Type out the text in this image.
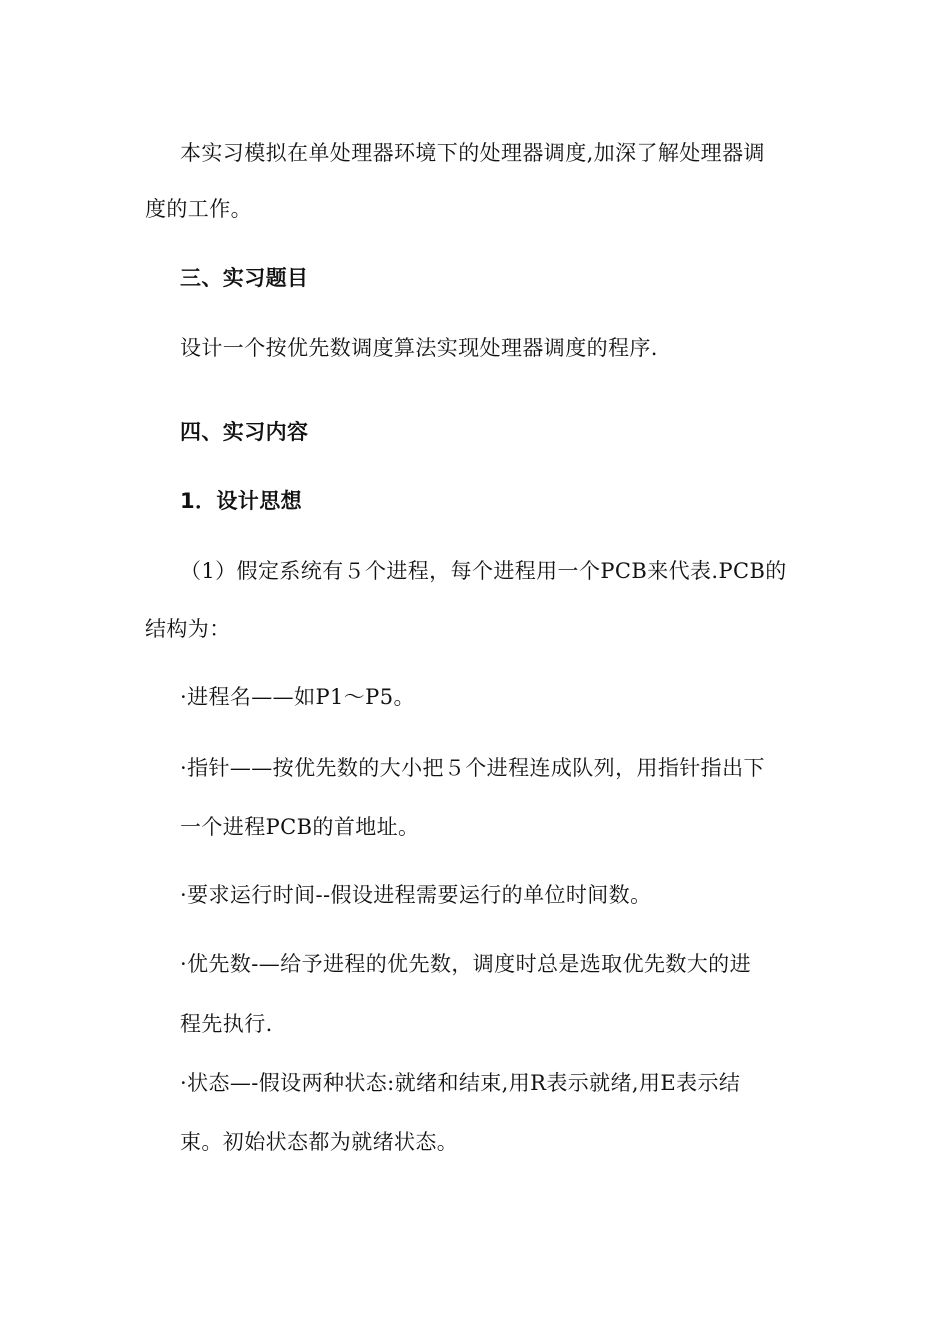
本实习模拟在单处理器环境下的处理器调度,加深了解处理器调
度的工作。
三、实习题目
设计一个按优先数调度算法实现处理器调度的程序.
四、实习内容
1．设计思想
（1）假定系统有５个进程，每个进程用一个PCB来代表.PCB的
结构为：
·进程名——如P1～P5。
·指针——按优先数的大小把５个进程连成队列，用指针指出下
一个进程PCB的首地址。
·要求运行时间--假设进程需要运行的单位时间数。
·优先数-—给予进程的优先数，调度时总是选取优先数大的进
程先执行.
·状态—-假设两种状态:就绪和结束,用R表示就绪,用E表示结
束。初始状态都为就绪状态。
